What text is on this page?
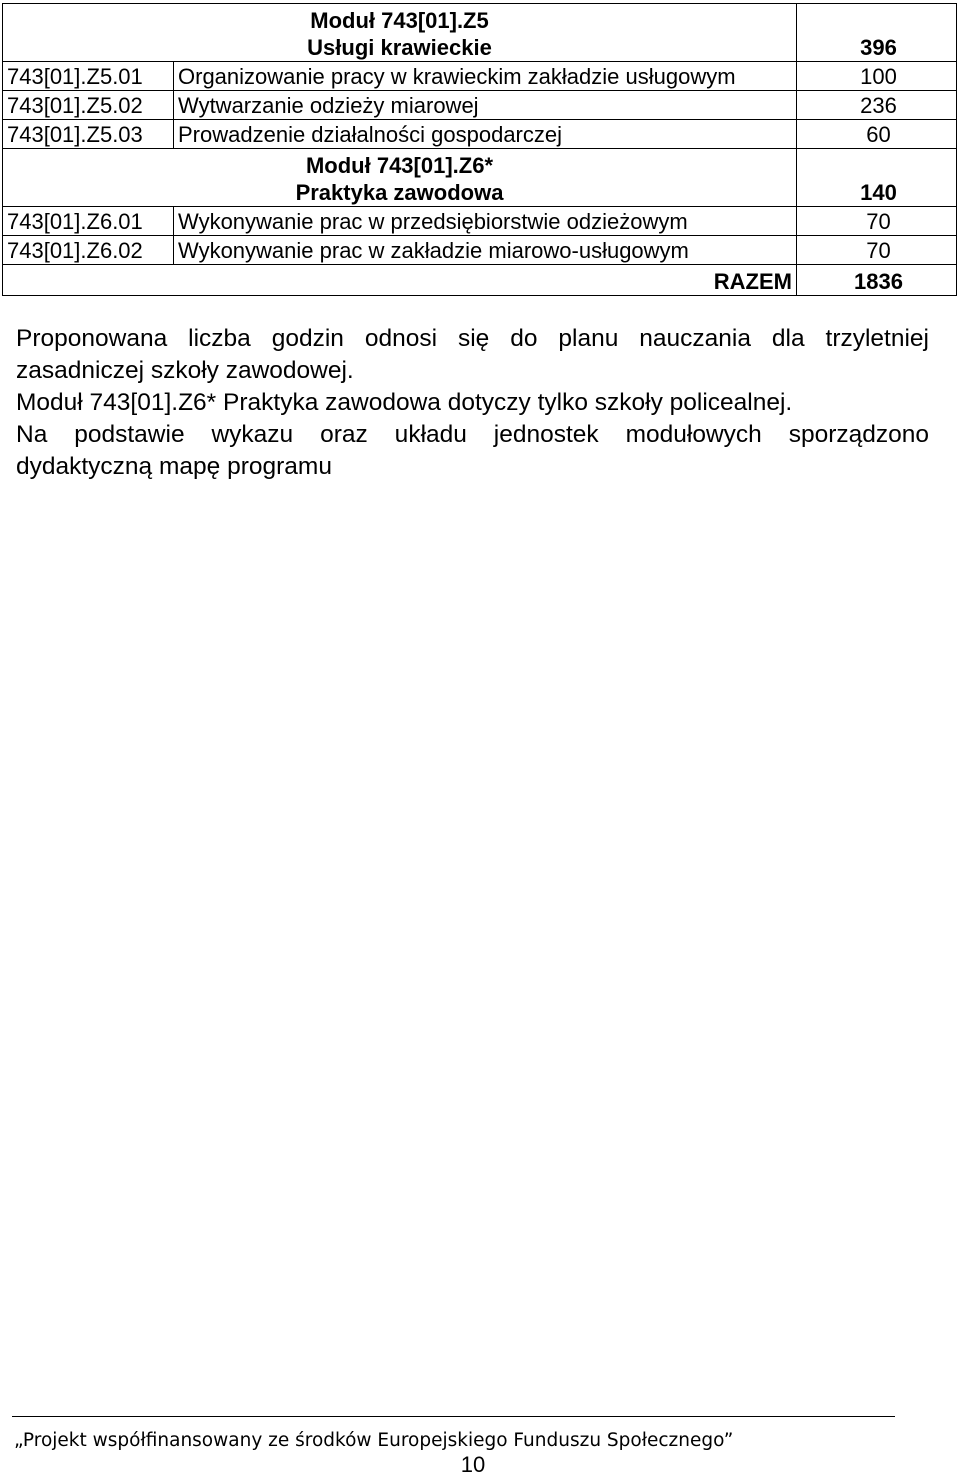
Moduł 743[01].Z5
Usługi krawieckie		396
743[01].Z5.01	Organizowanie pracy w krawieckim zakładzie usługowym	100
743[01].Z5.02	Wytwarzanie odzieży miarowej	236
743[01].Z5.03	Prowadzenie działalności gospodarczej	60

Moduł 743[01].Z6*
Praktyka zawodowa		140
743[01].Z6.01	Wykonywanie prac w przedsiębiorstwie odzieżowym	70
743[01].Z6.02	Wykonywanie prac w zakładzie miarowo-usługowym	70
RAZEM		1836

Proponowana liczba godzin odnosi się do planu nauczania dla trzyletniej zasadniczej szkoły zawodowej.

Moduł 743[01].Z6* Praktyka zawodowa dotyczy tylko szkoły policealnej.

Na podstawie wykazu oraz układu jednostek modułowych sporządzono dydaktyczną mapę programu

„Projekt współfinansowany ze środków Europejskiego Funduszu Społecznego”
10
